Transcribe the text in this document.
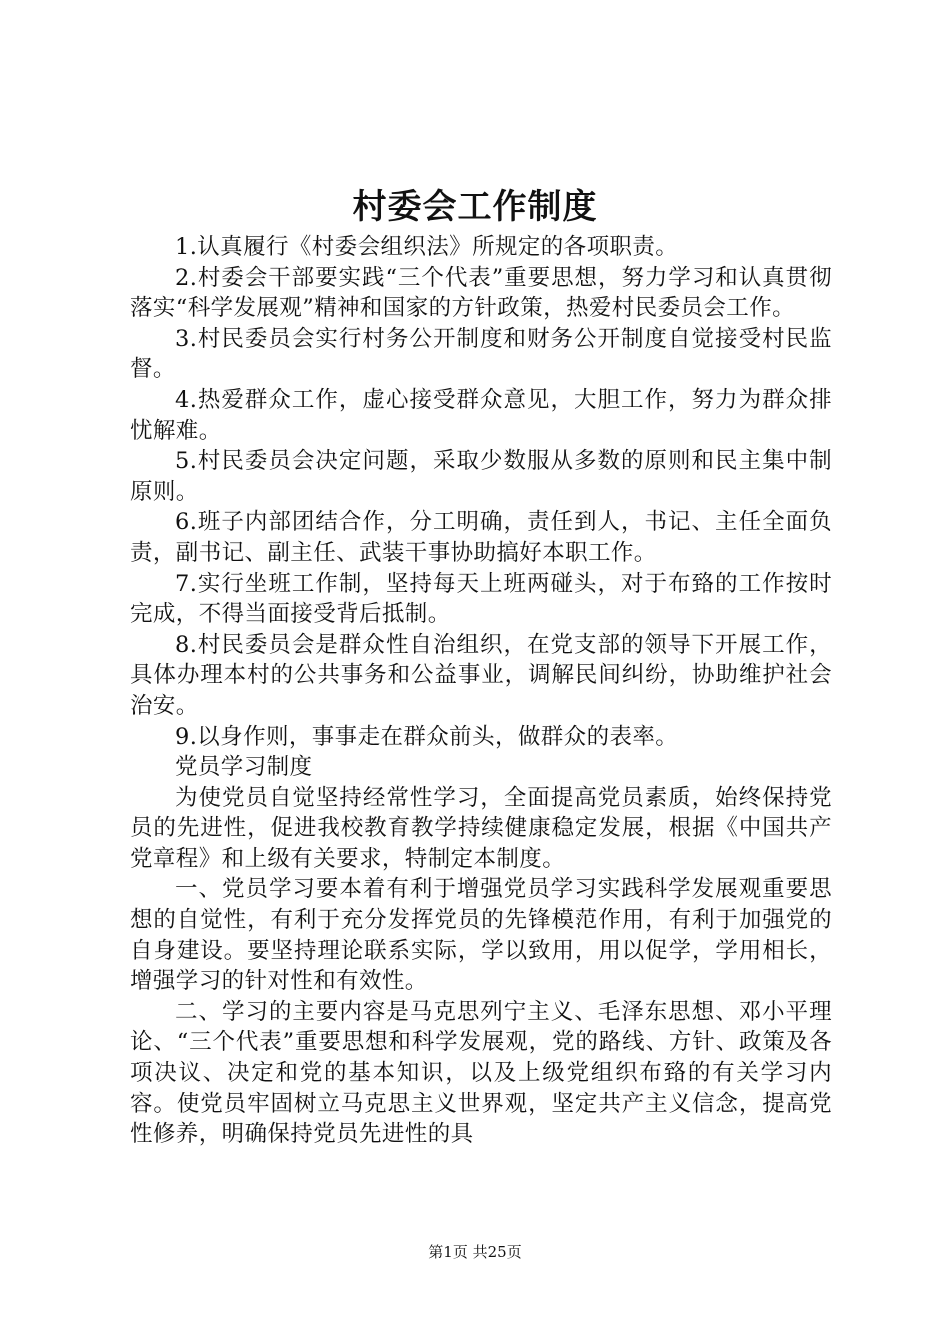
村委会工作制度

1.认真履行《村委会组织法》所规定的各项职责。

2.村委会干部要实践“三个代表”重要思想，努力学习和认真贯彻落实“科学发展观”精神和国家的方针政策，热爱村民委员会工作。

3.村民委员会实行村务公开制度和财务公开制度自觉接受村民监督。

4.热爱群众工作，虚心接受群众意见，大胆工作，努力为群众排忧解难。

5.村民委员会决定问题，采取少数服从多数的原则和民主集中制原则。

6.班子内部团结合作，分工明确，责任到人，书记、主任全面负责，副书记、副主任、武装干事协助搞好本职工作。

7.实行坐班工作制，坚持每天上班两碰头，对于布臵的工作按时完成，不得当面接受背后抵制。

8.村民委员会是群众性自治组织，在党支部的领导下开展工作，具体办理本村的公共事务和公益事业，调解民间纠纷，协助维护社会治安。

9.以身作则，事事走在群众前头，做群众的表率。

党员学习制度

为使党员自觉坚持经常性学习，全面提高党员素质，始终保持党员的先进性，促进我校教育教学持续健康稳定发展，根据《中国共产党章程》和上级有关要求，特制定本制度。

一、党员学习要本着有利于增强党员学习实践科学发展观重要思想的自觉性，有利于充分发挥党员的先锋模范作用，有利于加强党的自身建设。要坚持理论联系实际，学以致用，用以促学，学用相长，增强学习的针对性和有效性。

二、学习的主要内容是马克思列宁主义、毛泽东思想、邓小平理论、“三个代表”重要思想和科学发展观，党的路线、方针、政策及各项决议、决定和党的基本知识，以及上级党组织布臵的有关学习内容。使党员牢固树立马克思主义世界观，坚定共产主义信念，提高党性修养，明确保持党员先进性的具

第1页 共25页
